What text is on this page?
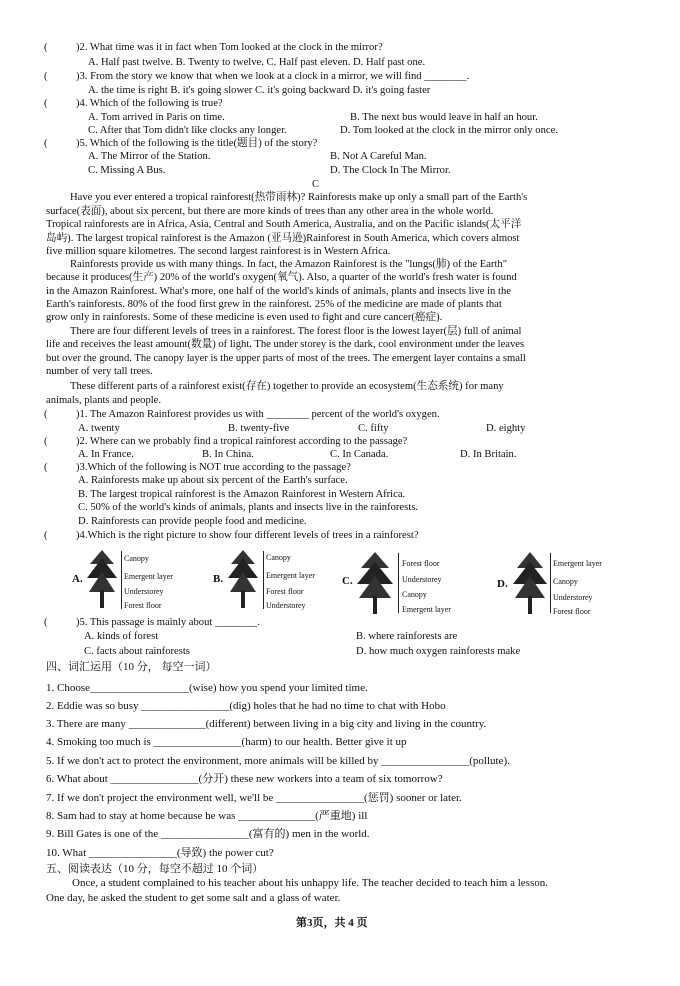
(	)2. What time was it in fact when Tom looked at the clock in the mirror?
A. Half past twelve. B. Twenty to twelve. C. Half past eleven. D. Half past one.
(	)3. From the story we know that when we look at a clock in a mirror, we will find ________.
A. the time is right B. it's going slower C. it's going backward D. it's going faster
(	)4. Which of the following is true?
A. Tom arrived in Paris on time.	B. The next bus would leave in half an hour.
C. After that Tom didn't like clocks any longer.	D. Tom looked at the clock in the mirror only once.
(	)5. Which of the following is the title(题目) of the story?
A. The Mirror of the Station.	B. Not A Careful Man.
C. Missing A Bus.	D. The Clock In The Mirror.
C
Have you ever entered a tropical rainforest(热带雨林)? Rainforests make up only a small part of the Earth's
surface(表面), about six percent, but there are more kinds of trees than any other area in the whole world.
Tropical rainforests are in Africa, Asia, Central and South America, Australia, and on the Pacific islands(太平洋
岛屿). The largest tropical rainforest is the Amazon (亚马逊)Rainforest in South America, which covers almost
five million square kilometres. The second largest rainforest is in Western Africa.
Rainforests provide us with many things. In fact, the Amazon Rainforest is the "lungs(肺) of the Earth"
because it produces(生产) 20% of the world's oxygen(氧气). Also, a quarter of the world's fresh water is found
in the Amazon Rainforest. What's more, one half of the world's kinds of animals, plants and insects live in the
Earth's rainforests. 80% of the food first grew in the rainforest. 25% of the medicine are made of plants that
grow only in rainforests. Some of these medicine is even used to fight and cure cancer(癌症).
There are four different levels of trees in a rainforest. The forest floor is the lowest layer(层) full of animal
life and receives the least amount(数量) of light. The under storey is the dark, cool environment under the leaves
but over the ground. The canopy layer is the upper parts of most of the trees. The emergent layer contains a small
number of very tall trees.
These different parts of a rainforest exist(存在) together to provide an ecosystem(生态系统) for many
animals, plants and people.
(	)1. The Amazon Rainforest provides us with ________ percent of the world's oxygen.
A. twenty	B. twenty-five	C. fifty	D. eighty
(	)2. Where can we probably find a tropical rainforest according to the passage?
A. In France.	B. In China.	C. In Canada.	D. In Britain.
(	)3.Which of the following is NOT true according to the passage?
A. Rainforests make up about six percent of the Earth's surface.
B. The largest tropical rainforest is the Amazon Rainforest in Western Africa.
C. 50% of the world's kinds of animals, plants and insects live in the rainforests.
D. Rainforests can provide people food and medicine.
(	)4.Which is the right picture to show four different levels of trees in a rainforest?
A.
Canopy
Emergent layer
Understorey
Forest floor
B.
Canopy
Emergent layer
Forest floor
Understorey
C.
Forest floor
Understorey
Canopy
Emergent layer
D.
Emergent layer
Canopy
Understorey
Forest floor
(	)5. This passage is mainly about ________.
A. kinds of forest	B. where rainforests are
C. facts about rainforests	D. how much oxygen rainforests make
四、词汇运用（10 分， 每空一词）
1. Choose__________________(wise) how you spend your limited time.
2. Eddie was so busy ________________(dig) holes that he had no time to chat with Hobo
3. There are many ______________(different) between living in a big city and living in the country.
4. Smoking too much is ________________(harm) to our health. Better give it up
5. If we don't act to protect the environment, more animals will be killed by ________________(pollute).
6. What about ________________(分开) these new workers into a team of six tomorrow?
7. If we don't project the environment well, we'll be ________________(惩罚) sooner or later.
8. Sam had to stay at home because he was ______________(严重地) ill
9. Bill Gates is one of the ________________(富有的) men in the world.
10. What ________________(导致) the power cut?
五、阅读表达（10 分，每空不超过 10 个词）
Once, a student complained to his teacher about his unhappy life. The teacher decided to teach him a lesson.
One day, he asked the student to get some salt and a glass of water.
第3页，共 4 页
